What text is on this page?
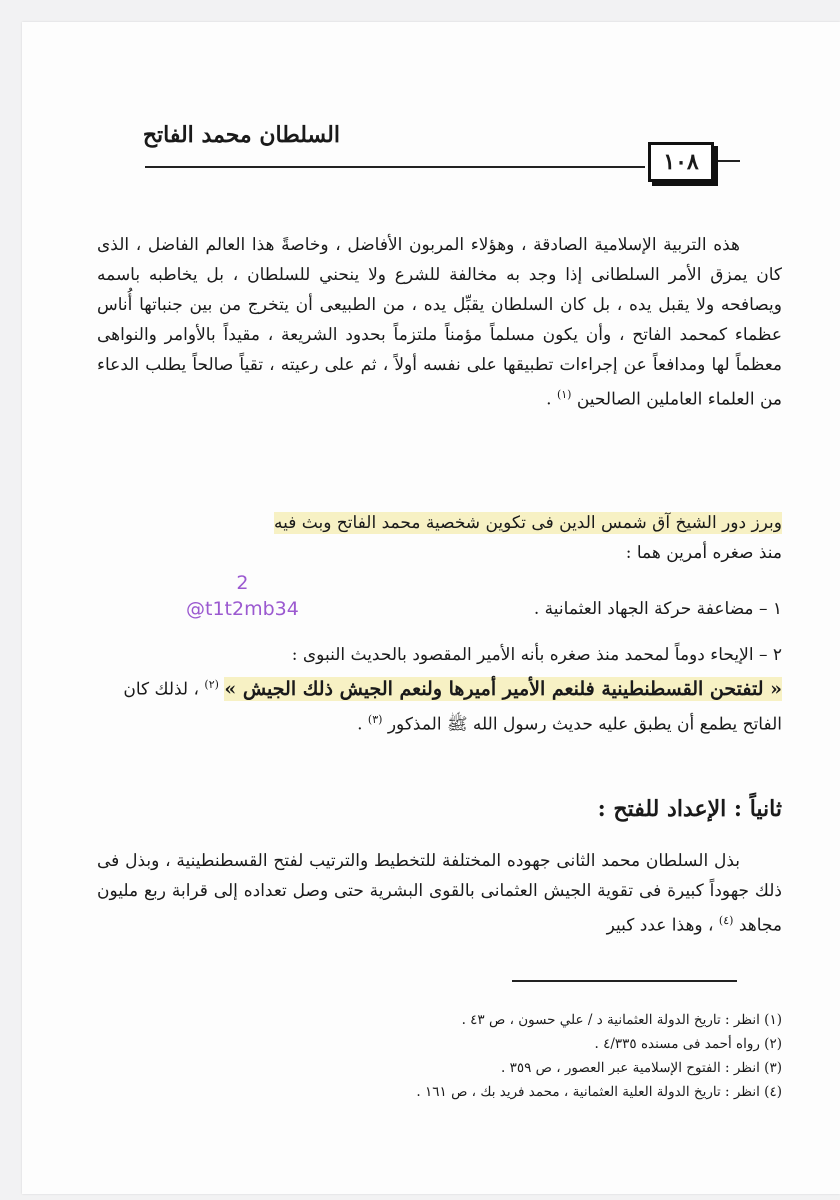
السلطان محمد الفاتح
١٠٨
هذه التربية الإسلامية الصادقة ، وهؤلاء المربون الأفاضل ، وخاصةً هذا العالم الفاضل ، الذى كان يمزق الأمر السلطانى إذا وجد به مخالفة للشرع ولا ينحني للسلطان ، بل يخاطبه باسمه ويصافحه ولا يقبل يده ، بل كان السلطان يقبِّل يده ، من الطبيعى أن يتخرج من بين جنباتها أُناس عظماء كمحمد الفاتح ، وأن يكون مسلماً مؤمناً ملتزماً بحدود الشريعة ، مقيداً بالأوامر والنواهى معظماً لها ومدافعاً عن إجراءات تطبيقها على نفسه أولاً ، ثم على رعيته ، تقياً صالحاً يطلب الدعاء من العلماء العاملين الصالحين $^{(١)}$ .
وبرز دور الشيخ آق شمس الدين فى تكوين شخصية محمد الفاتح وبث فيه
منذ صغره أمرين هما :
2
@t1t2mb34	١ – مضاعفة حركة الجهاد العثمانية .
٢ – الإيحاء دوماً لمحمد منذ صغره بأنه الأمير المقصود بالحديث النبوى :
« لتفتحن القسطنطينية فلنعم الأمير أميرها ولنعم الجيش ذلك الجيش » $^{(٢)}$ ، لذلك كان الفاتح يطمع أن يطبق عليه حديث رسول الله ﷺ المذكور $^{(٣)}$ .
ثانياً : الإعداد للفتح :
بذل السلطان محمد الثانى جهوده المختلفة للتخطيط والترتيب لفتح القسطنطينية ، وبذل فى ذلك جهوداً كبيرة فى تقوية الجيش العثمانى بالقوى البشرية حتى وصل تعداده إلى قرابة ربع مليون مجاهد $^{(٤)}$ ، وهذا عدد كبير
(١) انظر : تاريخ الدولة العثمانية د / علي حسون ، ص ٤٣ .
(٢) رواه أحمد فى مسنده ٤/٣٣٥ .
(٣) انظر : الفتوح الإسلامية عبر العصور ، ص ٣٥٩ .
(٤) انظر : تاريخ الدولة العلية العثمانية ، محمد فريد بك ، ص ١٦١ .
